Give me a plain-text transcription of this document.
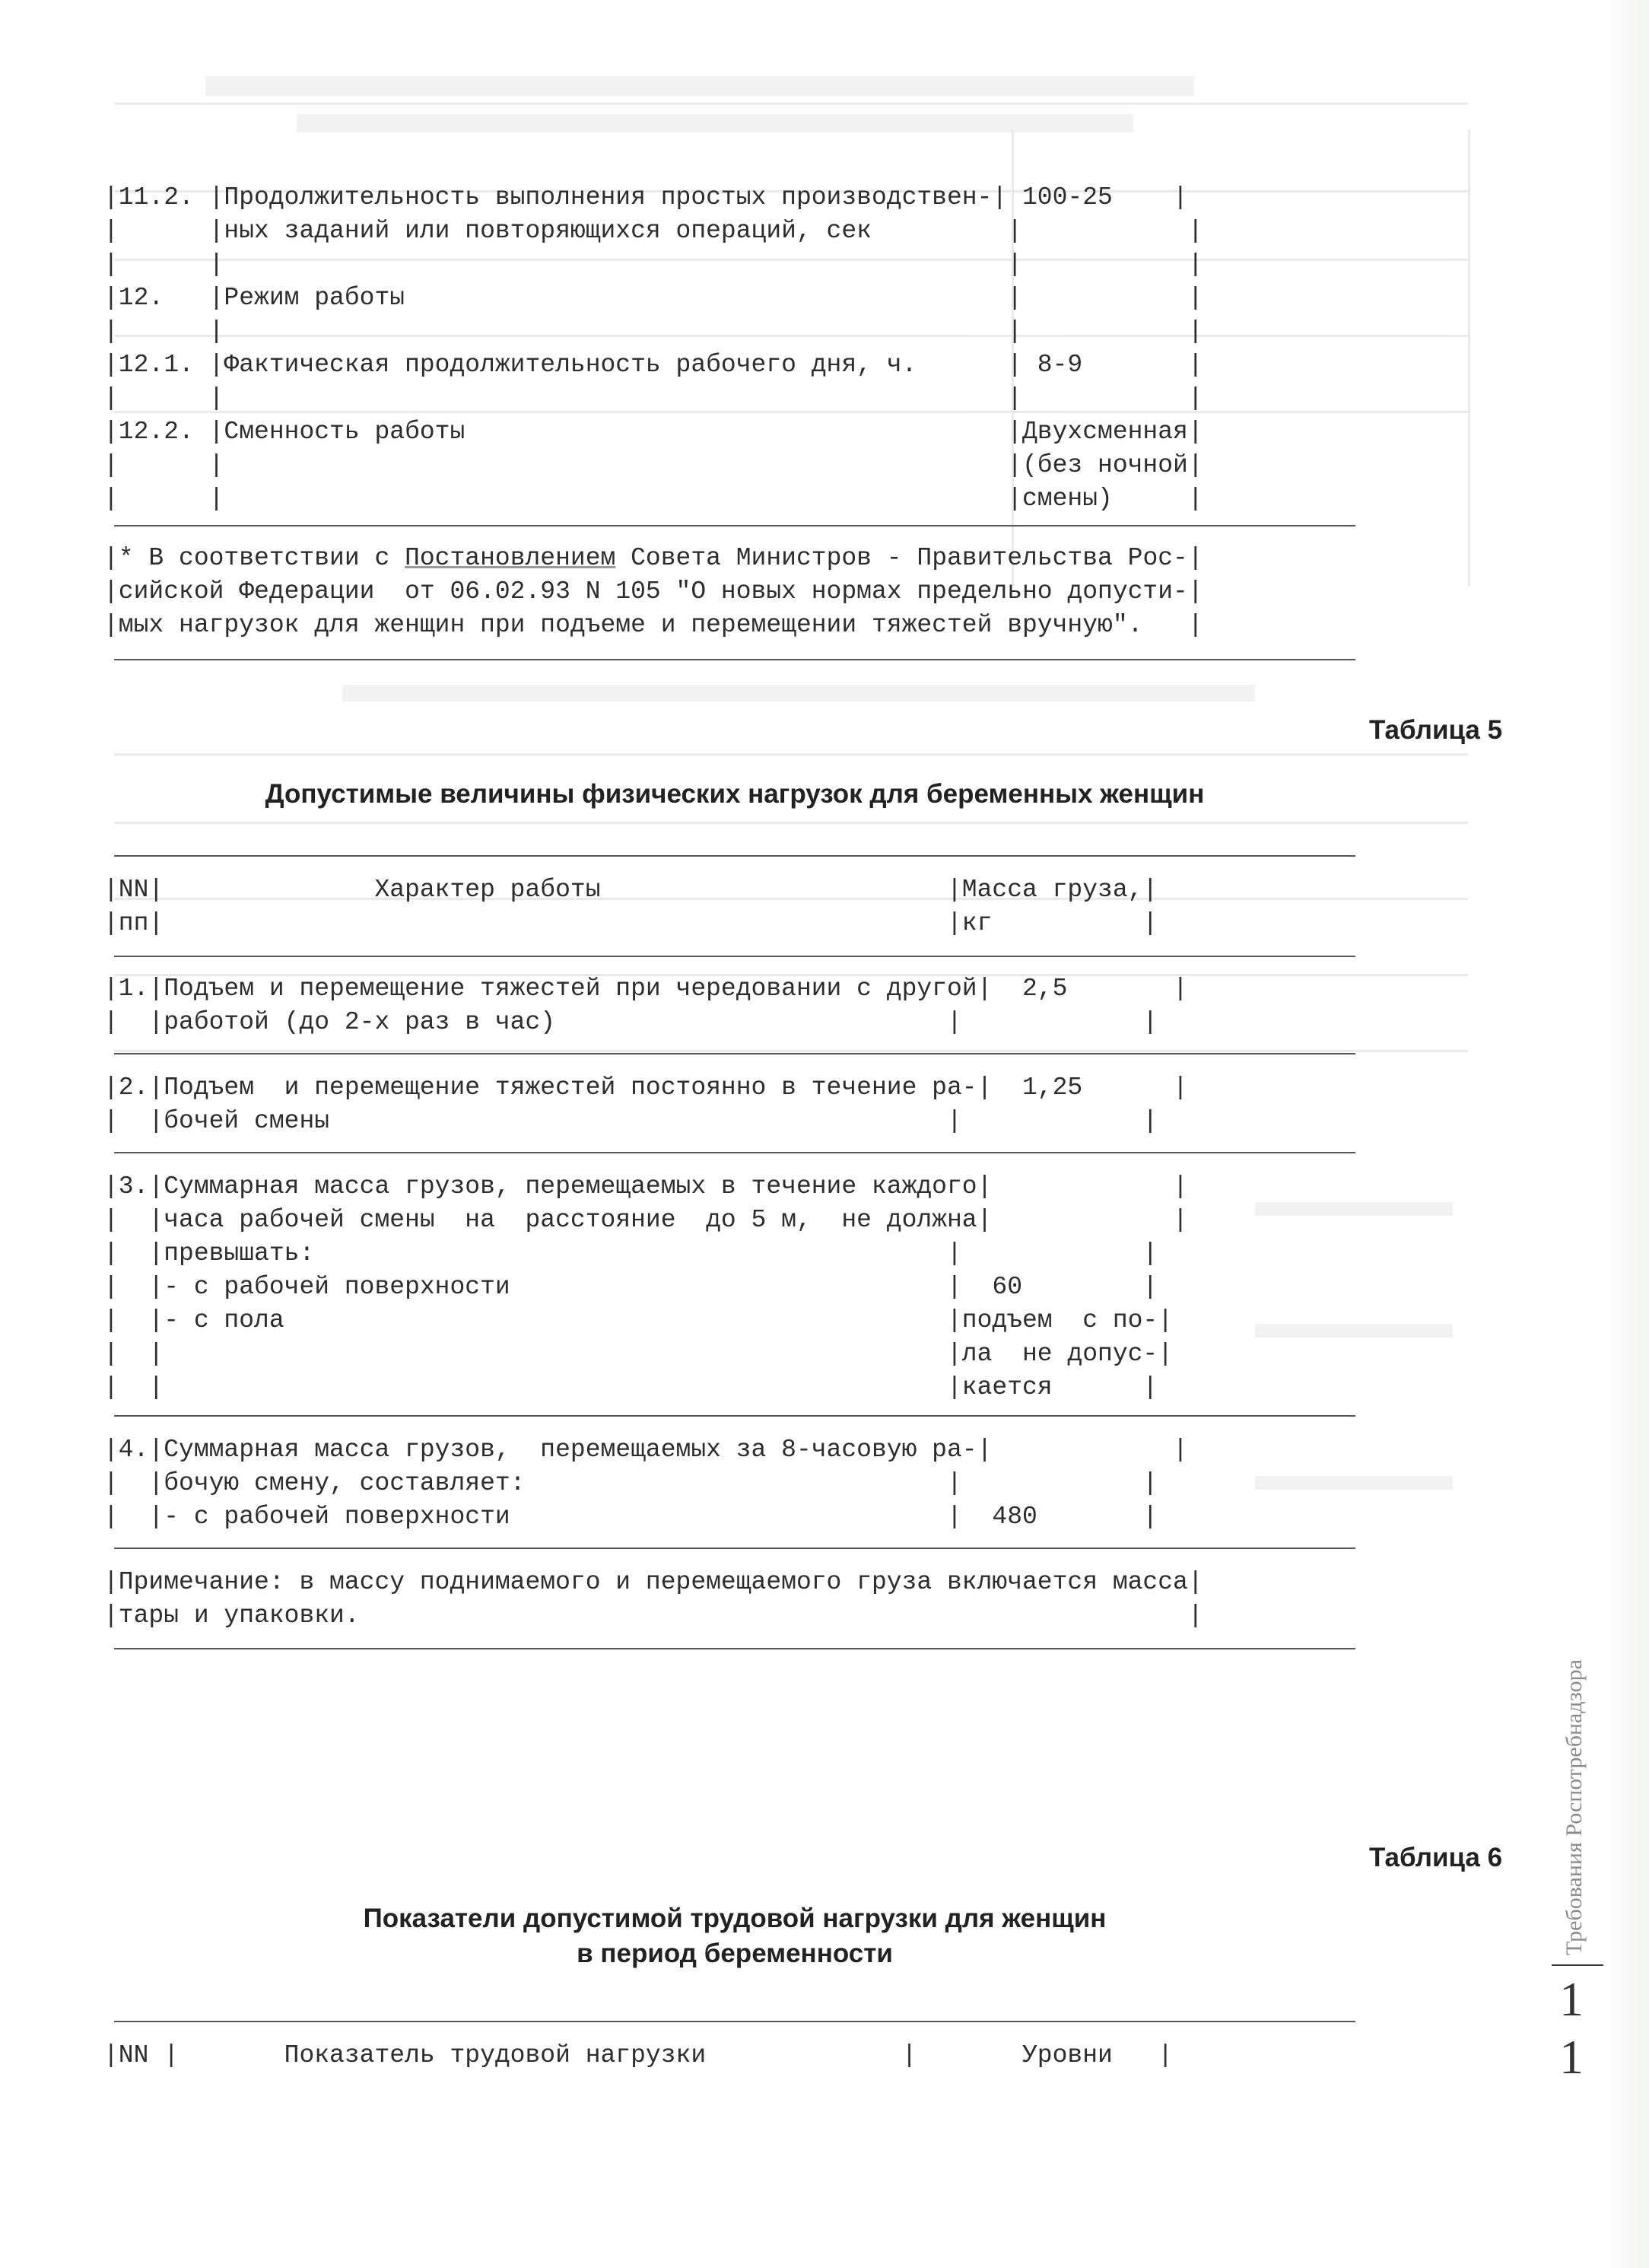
|11.2. |Продолжительность выполнения простых производствен-| 100-25    |
|      |ных заданий или повторяющихся операций, сек         |           |
|      |                                                    |           |
|12.   |Режим работы                                        |           |
|      |                                                    |           |
|12.1. |Фактическая продолжительность рабочего дня, ч.      | 8-9       |
|      |                                                    |           |
|12.2. |Сменность работы                                    |Двухсменная|
|      |                                                    |(без ночной|
|      |                                                    |смены)     |
|* В соответствии с Постановлением Совета Министров - Правительства Рос-|
|сийской Федерации  от 06.02.93 N 105 "О новых нормах предельно допусти-|
|мых нагрузок для женщин при подъеме и перемещении тяжестей вручную".   |
Таблица 5
Допустимые величины физических нагрузок для беременных женщин
|NN|              Характер работы                       |Масса груза,|
|пп|                                                    |кг          |
|1.|Подъем и перемещение тяжестей при чередовании с другой|  2,5       |
|  |работой (до 2-х раз в час)                          |            |
|2.|Подъем  и перемещение тяжестей постоянно в течение ра-|  1,25      |
|  |бочей смены                                         |            |
|3.|Суммарная масса грузов, перемещаемых в течение каждого|            |
|  |часа рабочей смены  на  расстояние  до 5 м,  не должна|            |
|  |превышать:                                          |            |
|  |- с рабочей поверхности                             |  60        |
|  |- с пола                                            |подъем  с по-|
|  |                                                    |ла  не допус-|
|  |                                                    |кается      |
|4.|Суммарная масса грузов,  перемещаемых за 8-часовую ра-|            |
|  |бочую смену, составляет:                            |            |
|  |- с рабочей поверхности                             |  480       |
|Примечание: в массу поднимаемого и перемещаемого груза включается масса|
|тары и упаковки.                                                       |
Таблица 6
Показатели допустимой трудовой нагрузки для женщин
в период беременности
|NN |       Показатель трудовой нагрузки             |       Уровни   |
Требования Роспотребнадзора
1
1
